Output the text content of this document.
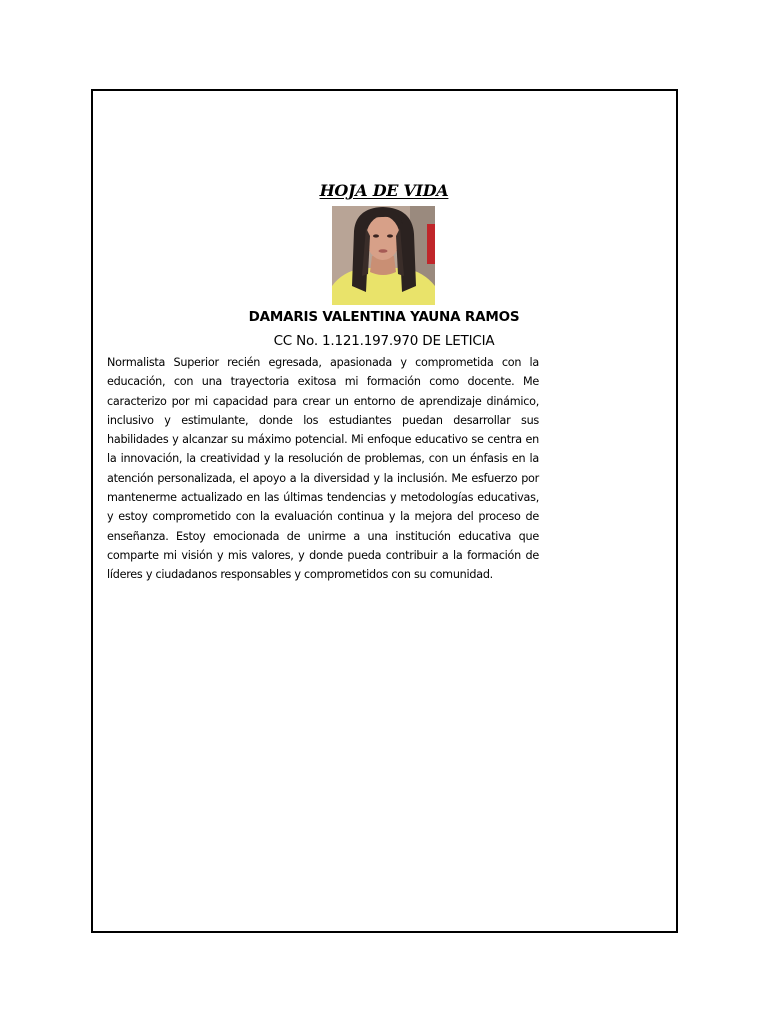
HOJA DE VIDA
DAMARIS VALENTINA YAUNA RAMOS
CC No. 1.121.197.970 DE LETICIA

Normalista Superior recién egresada, apasionada y comprometida con la educación, con una trayectoria exitosa mi formación como docente. Me caracterizo por mi capacidad para crear un entorno de aprendizaje dinámico, inclusivo y estimulante, donde los estudiantes puedan desarrollar sus habilidades y alcanzar su máximo potencial. Mi enfoque educativo se centra en la innovación, la creatividad y la resolución de problemas, con un énfasis en la atención personalizada, el apoyo a la diversidad y la inclusión. Me esfuerzo por mantenerme actualizado en las últimas tendencias y metodologías educativas, y estoy comprometido con la evaluación continua y la mejora del proceso de enseñanza. Estoy emocionada de unirme a una institución educativa que comparte mi visión y mis valores, y donde pueda contribuir a la formación de líderes y ciudadanos responsables y comprometidos con su comunidad.
